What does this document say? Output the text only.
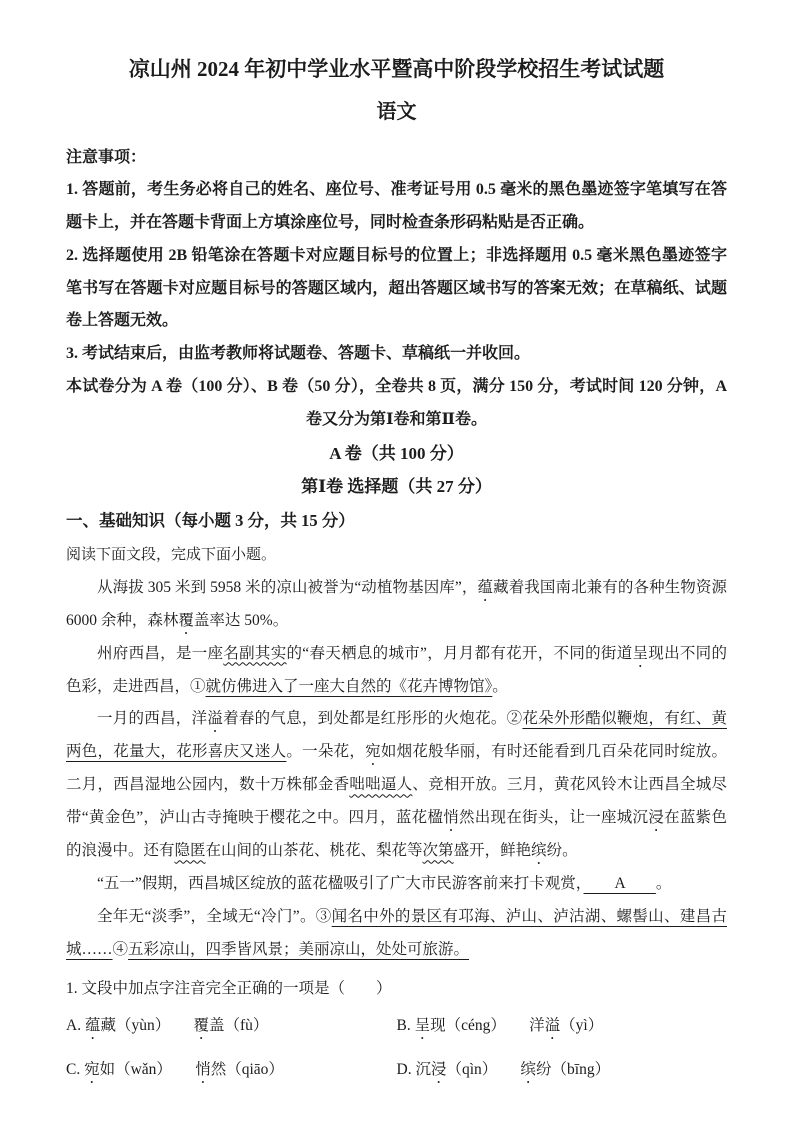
凉山州 2024 年初中学业水平暨高中阶段学校招生考试试题
语文

注意事项：

1. 答题前，考生务必将自己的姓名、座位号、准考证号用 0.5 毫米的黑色墨迹签字笔填写在答题卡上，并在答题卡背面上方填涂座位号，同时检查条形码粘贴是否正确。

2. 选择题使用 2B 铅笔涂在答题卡对应题目标号的位置上；非选择题用 0.5 毫米黑色墨迹签字笔书写在答题卡对应题目标号的答题区域内，超出答题区域书写的答案无效；在草稿纸、试题卷上答题无效。

3. 考试结束后，由监考教师将试题卷、答题卡、草稿纸一并收回。

本试卷分为 A 卷（100 分）、B 卷（50 分），全卷共 8 页，满分 150 分，考试时间 120 分钟，A

卷又分为第Ⅰ卷和第Ⅱ卷。

A 卷（共 100 分）

第Ⅰ卷 选择题（共 27 分）

一、基础知识（每小题 3 分，共 15 分）

阅读下面文段，完成下面小题。

从海拔 305 米到 5958 米的凉山被誉为“动植物基因库”，蕴藏着我国南北兼有的各种生物资源 6000 余种，森林覆盖率达 50%。

州府西昌，是一座名副其实的“春天栖息的城市”，月月都有花开，不同的街道呈现出不同的色彩，走进西昌，①就仿佛进入了一座大自然的《花卉博物馆》。

一月的西昌，洋溢着春的气息，到处都是红彤彤的火炮花。②花朵外形酷似鞭炮，有红、黄两色，花量大，花形喜庆又迷人。一朵花，宛如烟花般华丽，有时还能看到几百朵花同时绽放。二月，西昌湿地公园内，数十万株郁金香咄咄逼人、竞相开放。三月，黄花风铃木让西昌全城尽带“黄金色”，泸山古寺掩映于樱花之中。四月，蓝花楹悄然出现在街头，让一座城沉浸在蓝紫色的浪漫中。还有隐匿在山间的山茶花、桃花、梨花等次第盛开，鲜艳缤纷。

“五一”假期，西昌城区绽放的蓝花楹吸引了广大市民游客前来打卡观赏，　　A　　。

全年无“淡季”，全域无“冷门”。③闻名中外的景区有邛海、泸山、泸沽湖、螺髻山、建昌古城……④五彩凉山，四季皆风景；美丽凉山，处处可旅游。

1. 文段中加点字注音完全正确的一项是（　　）

A. 蕴藏（yùn）　　覆盖（fù）	B. 呈现（céng）　　洋溢（yì）

C. 宛如（wǎn）　　悄然（qiāo）	D. 沉浸（qìn）　　缤纷（bīng）
